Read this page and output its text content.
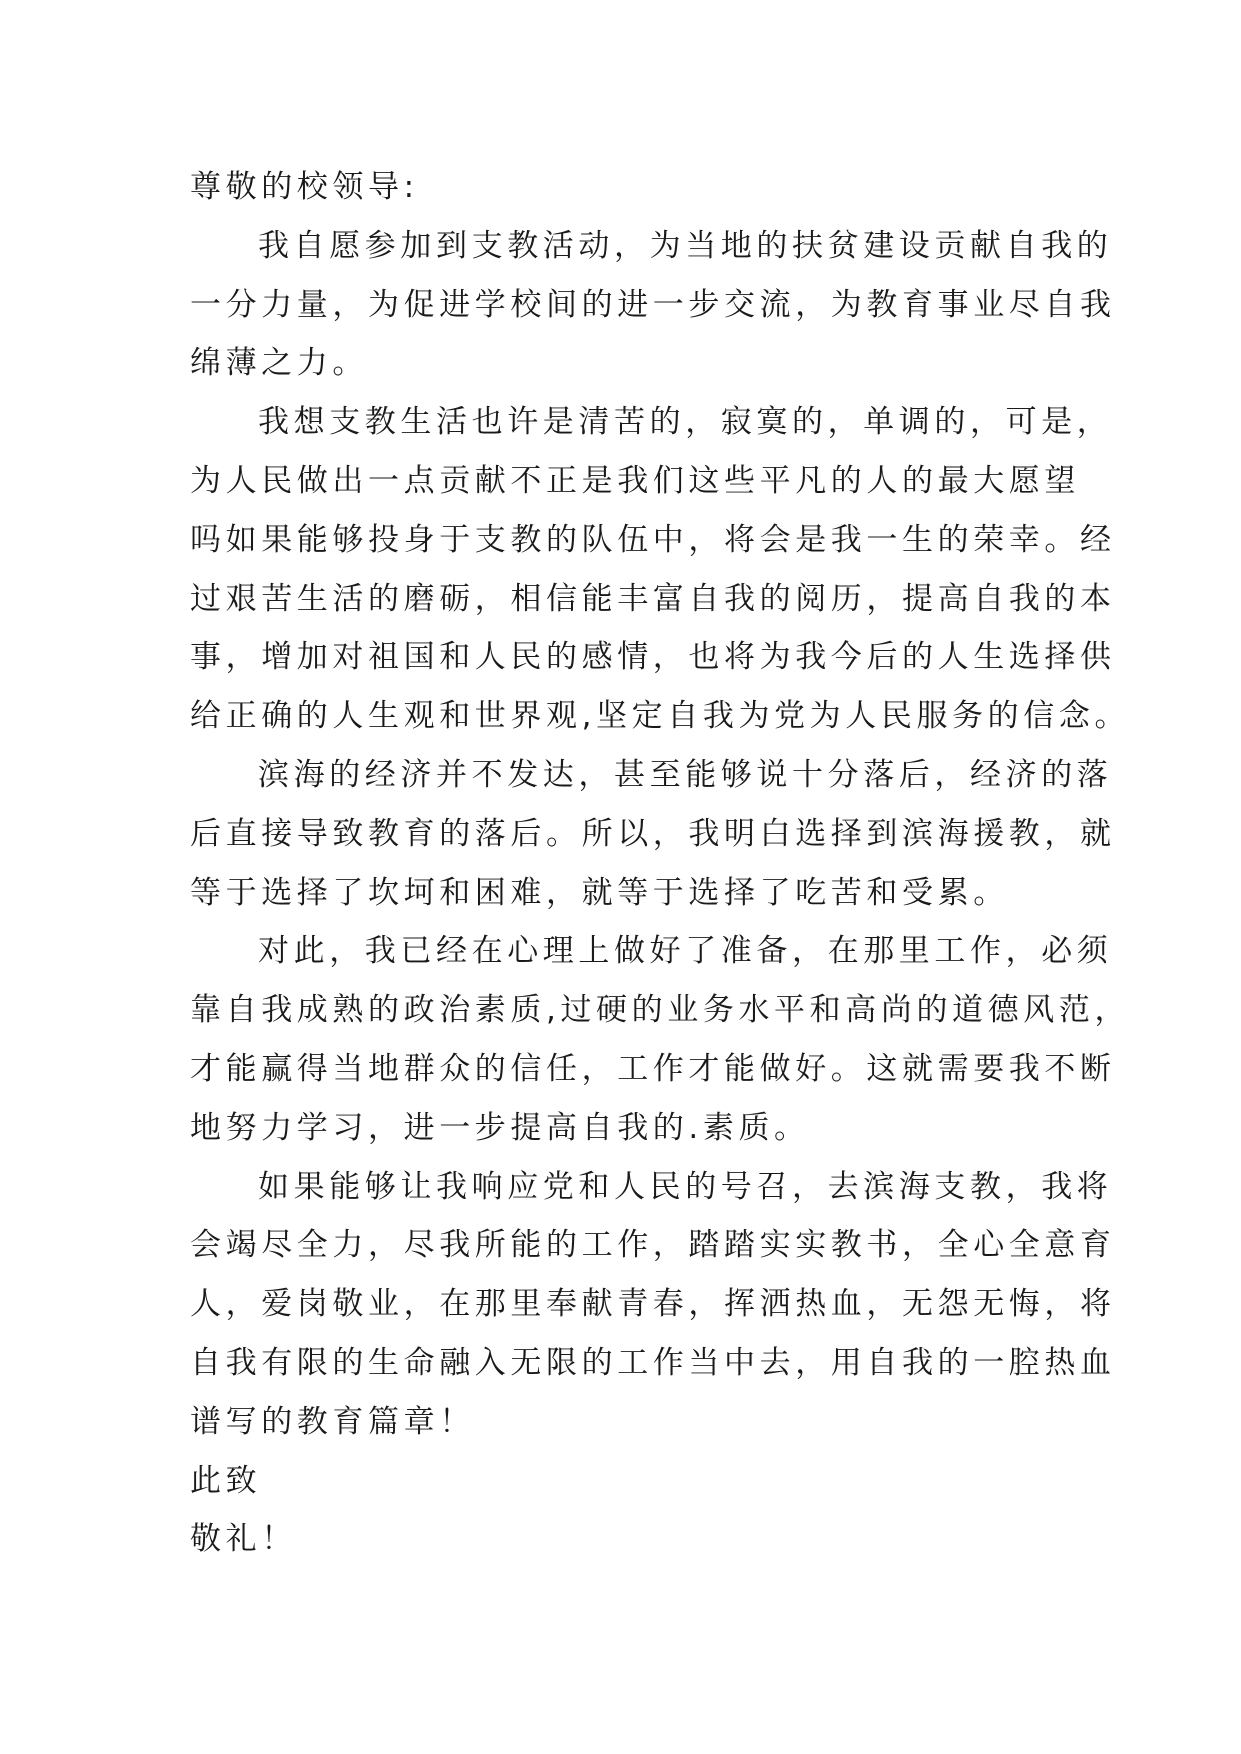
尊敬的校领导:
我自愿参加到支教活动，为当地的扶贫建设贡献自我的
一分力量，为促进学校间的进一步交流，为教育事业尽自我
绵薄之力。
我想支教生活也许是清苦的，寂寞的，单调的，可是，
为人民做出一点贡献不正是我们这些平凡的人的最大愿望
吗如果能够投身于支教的队伍中，将会是我一生的荣幸。经
过艰苦生活的磨砺，相信能丰富自我的阅历，提高自我的本
事，增加对祖国和人民的感情，也将为我今后的人生选择供
给正确的人生观和世界观,坚定自我为党为人民服务的信念。
滨海的经济并不发达，甚至能够说十分落后，经济的落
后直接导致教育的落后。所以，我明白选择到滨海援教，就
等于选择了坎坷和困难，就等于选择了吃苦和受累。
对此，我已经在心理上做好了准备，在那里工作，必须
靠自我成熟的政治素质,过硬的业务水平和高尚的道德风范，
才能赢得当地群众的信任，工作才能做好。这就需要我不断
地努力学习，进一步提高自我的.素质。
如果能够让我响应党和人民的号召，去滨海支教，我将
会竭尽全力，尽我所能的工作，踏踏实实教书，全心全意育
人，爱岗敬业，在那里奉献青春，挥洒热血，无怨无悔，将
自我有限的生命融入无限的工作当中去，用自我的一腔热血
谱写的教育篇章！
此致
敬礼！
